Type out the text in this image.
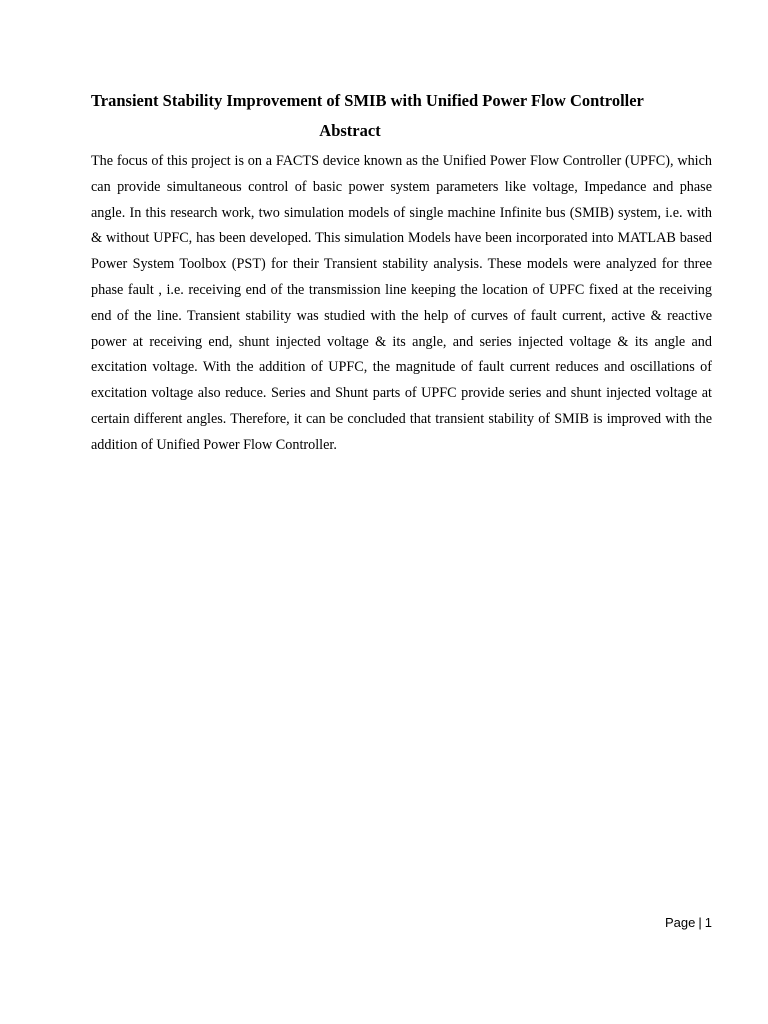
Transient Stability Improvement of SMIB with Unified Power Flow Controller
Abstract

The focus of this project is on a FACTS device known as the Unified Power Flow Controller (UPFC), which can provide simultaneous control of basic power system parameters like voltage, Impedance and phase angle. In this research work, two simulation models of single machine Infinite bus (SMIB) system, i.e. with & without UPFC, has been developed. This simulation Models have been incorporated into MATLAB based Power System Toolbox (PST) for their Transient stability analysis. These models were analyzed for three phase fault , i.e. receiving end of the transmission line keeping the location of UPFC fixed at the receiving end of the line. Transient stability was studied with the help of curves of fault current, active & reactive power at receiving end, shunt injected voltage & its angle, and series injected voltage & its angle and excitation voltage. With the addition of UPFC, the magnitude of fault current reduces and oscillations of excitation voltage also reduce. Series and Shunt parts of UPFC provide series and shunt injected voltage at certain different angles. Therefore, it can be concluded that transient stability of SMIB is improved with the addition of Unified Power Flow Controller.

Page | 1
